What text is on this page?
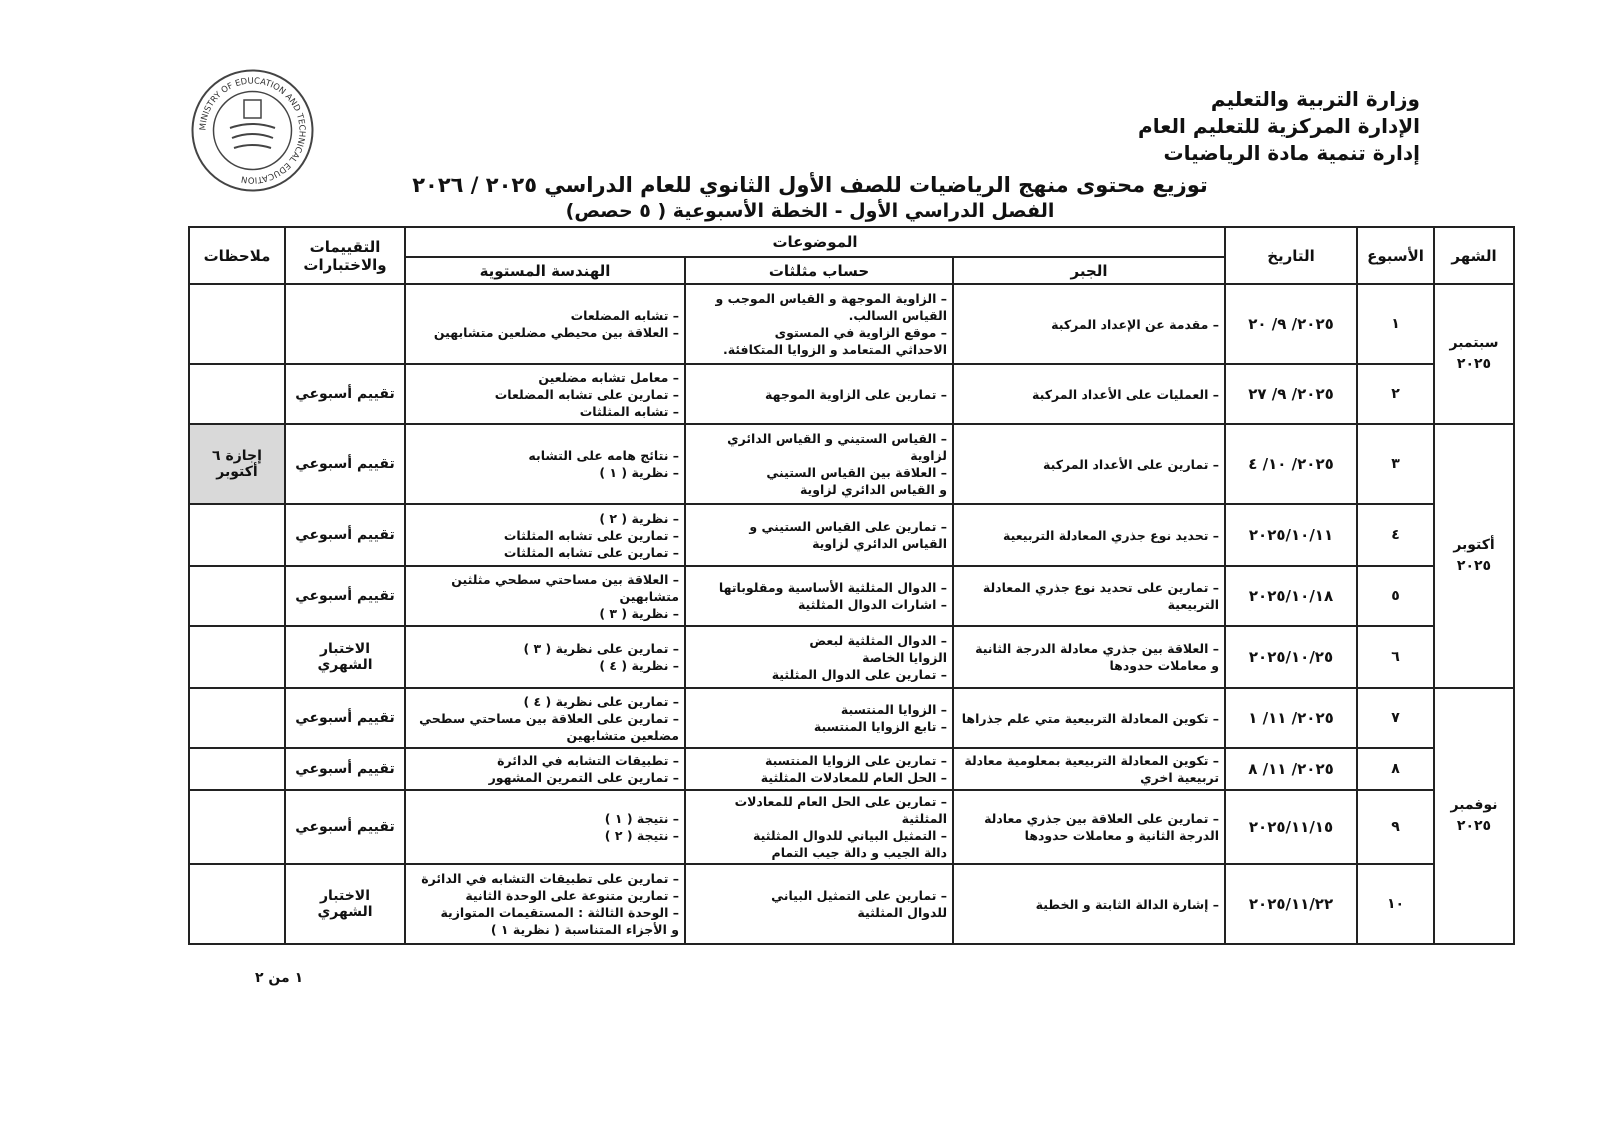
وزارة التربية والتعليم
الإدارة المركزية للتعليم العام
إدارة تنمية مادة الرياضيات
MINISTRY OF EDUCATION AND TECHNICAL EDUCATION	توزيع محتوى منهج الرياضيات للصف الأول الثانوي للعام الدراسي ٢٠٢٥ / ٢٠٢٦
الفصل الدراسي الأول - الخطة الأسبوعية ( ٥ حصص)
الشهر	الأسبوع	التاريخ	الموضوعات			التقييمات والاختبارات	ملاحظات
			الجبر	حساب مثلثات	الهندسة المستوية		

سبتمبر
٢٠٢٥	١	٢٠٢٥/ ٩/ ٢٠	– مقدمة عن الإعداد المركبة	– الزاوية الموجهة و القياس الموجب و
القياس السالب.
– موقع الزاوية في المستوى
الاحداثي المتعامد و الزوايا المتكافئة.	– تشابه المضلعات
– العلاقة بين محيطي مضلعين متشابهين		

	٢	٢٠٢٥/ ٩/ ٢٧	– العمليات على الأعداد المركبة	– تمارين على الزاوية الموجهة	– معامل تشابه مضلعين
– تمارين على تشابه المضلعات
– تشابه المثلثات	تقييم أسبوعي	

أكتوبر
٢٠٢٥	٣	٢٠٢٥/ ١٠/ ٤	– تمارين على الأعداد المركبة	– القياس الستيني و القياس الدائري
لزاوية
– العلاقة بين القياس الستيني
و القياس الدائري لزاوية	– نتائج هامه على التشابه
– نظرية ( ١ )	تقييم أسبوعي	إجازة ٦ أكتوبر
	٤	٢٠٢٥/١٠/١١	– تحديد نوع جذري المعادلة التربيعية	– تمارين على القياس الستيني و
القياس الدائري لزاوية	– نظرية ( ٢ )
– تمارين على تشابه المثلثات
– تمارين على تشابه المثلثات	تقييم أسبوعي	
	٥	٢٠٢٥/١٠/١٨	– تمارين على تحديد نوع جذري المعادلة
التربيعية	– الدوال المثلثية الأساسية ومقلوباتها
– اشارات الدوال المثلثية	– العلاقة بين مساحتي سطحي مثلثين
متشابهين
– نظرية ( ٣ )	تقييم أسبوعي	
	٦	٢٠٢٥/١٠/٢٥	– العلاقة بين جذري معادلة الدرجة الثانية
و معاملات حدودها	– الدوال المثلثية لبعض
الزوايا الخاصة
– تمارين على الدوال المثلثية	– تمارين على نظرية ( ٣ )
– نظرية ( ٤ )	الاختبار الشهري	

نوفمبر
٢٠٢٥	٧	٢٠٢٥/ ١١/ ١	– تكوين المعادلة التربيعية متي علم جذراها	– الزوايا المنتسبة
– تابع الزوايا المنتسبة	– تمارين على نظرية ( ٤ )
– تمارين على العلاقة بين مساحتي سطحي
مضلعين متشابهين	تقييم أسبوعي	
	٨	٢٠٢٥/ ١١/ ٨	– تكوين المعادلة التربيعية بمعلومية معادلة
تربيعية اخري	– تمارين على الزوايا المنتسبة
– الحل العام للمعادلات المثلثية	– تطبيقات التشابه في الدائرة
– تمارين على التمرين المشهور	تقييم أسبوعي	
	٩	٢٠٢٥/١١/١٥	– تمارين على العلاقة بين جذري معادلة
الدرجة الثانية و معاملات حدودها	– تمارين على الحل العام للمعادلات المثلثية
– التمثيل البياني للدوال المثلثية
دالة الجيب و دالة جيب التمام	– نتيجة ( ١ )
– نتيجة ( ٢ )	تقييم أسبوعي	
	١٠	٢٠٢٥/١١/٢٢	– إشارة الدالة الثابتة و الخطية	– تمارين على التمثيل البياني
للدوال المثلثية	– تمارين على تطبيقات التشابه في الدائرة
– تمارين متنوعة على الوحدة الثانية
– الوحدة الثالثة : المستقيمات المتوازية
و الأجزاء المتناسبة ( نظرية ١ )	الاختبار الشهري	
١ من ٢
